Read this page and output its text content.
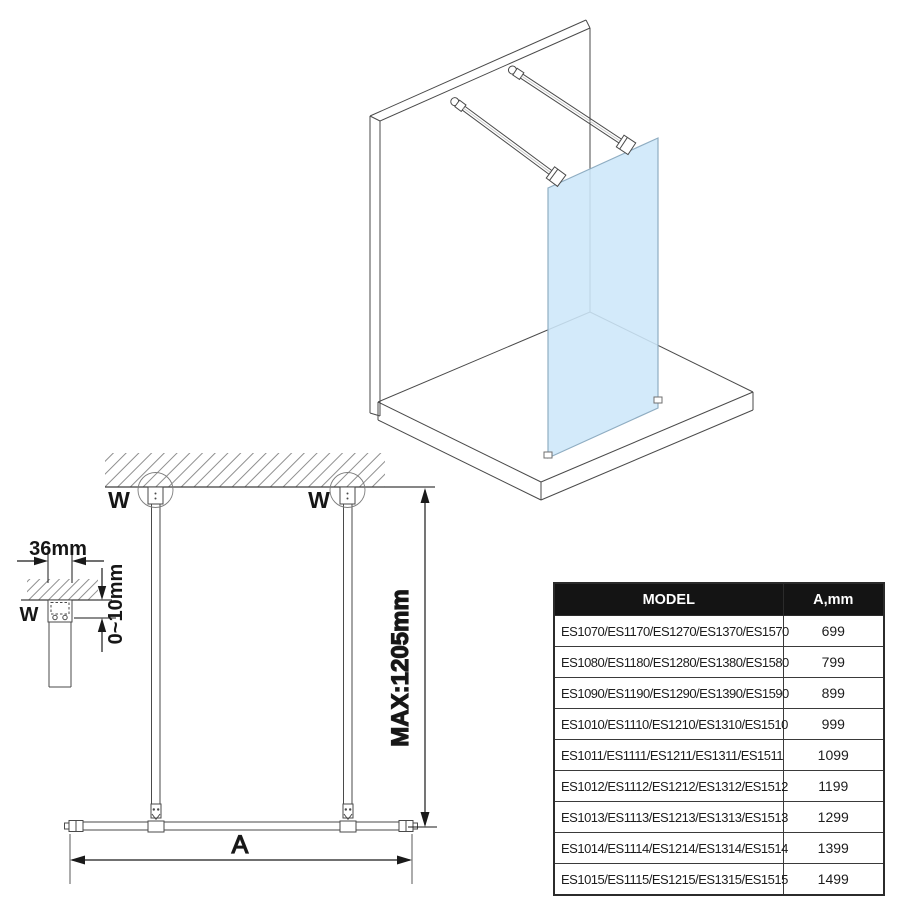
W	W
MAX:1205mm
A
36mm
0~10mm
W
MODEL	A,mm
ES1070/ES1170/ES1270/ES1370/ES1570	699
ES1080/ES1180/ES1280/ES1380/ES1580	799
ES1090/ES1190/ES1290/ES1390/ES1590	899
ES1010/ES1110/ES1210/ES1310/ES1510	999
ES1011/ES1111/ES1211/ES1311/ES1511	1099
ES1012/ES1112/ES1212/ES1312/ES1512	1199
ES1013/ES1113/ES1213/ES1313/ES1513	1299
ES1014/ES1114/ES1214/ES1314/ES1514	1399
ES1015/ES1115/ES1215/ES1315/ES1515	1499
